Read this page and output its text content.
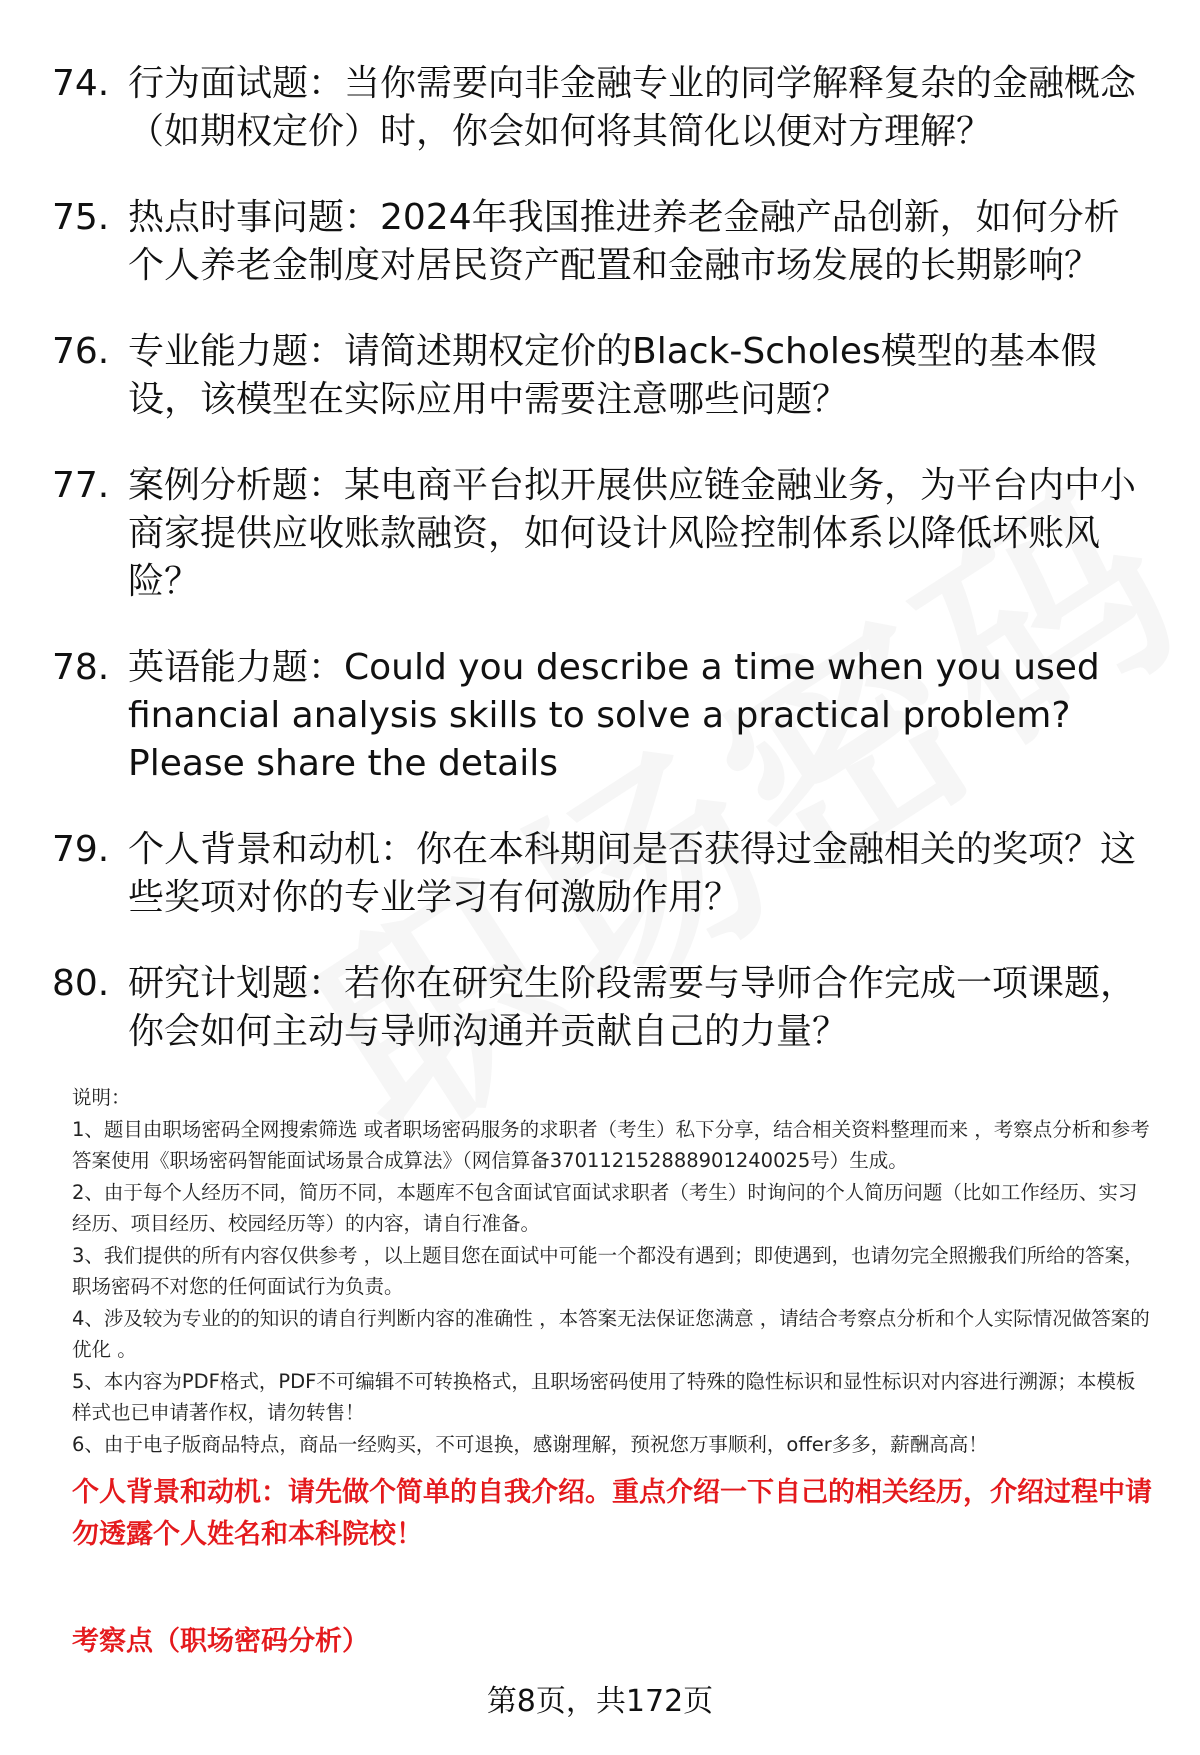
74. 行为面试题：当你需要向非金融专业的同学解释复杂的金融概念（如期权定价）时，你会如何将其简化以便对方理解？
75. 热点时事问题：2024年我国推进养老金融产品创新，如何分析个人养老金制度对居民资产配置和金融市场发展的长期影响？
76. 专业能力题：请简述期权定价的Black-Scholes模型的基本假设，该模型在实际应用中需要注意哪些问题？
77. 案例分析题：某电商平台拟开展供应链金融业务，为平台内中小商家提供应收账款融资，如何设计风险控制体系以降低坏账风险？
78. 英语能力题：Could you describe a time when you used financial analysis skills to solve a practical problem? Please share the details
79. 个人背景和动机：你在本科期间是否获得过金融相关的奖项？这些奖项对你的专业学习有何激励作用？
80. 研究计划题：若你在研究生阶段需要与导师合作完成一项课题，你会如何主动与导师沟通并贡献自己的力量？

说明：

1、题目由职场密码全网搜索筛选 或者职场密码服务的求职者（考生）私下分享，结合相关资料整理而来 ，考察点分析和参考答案使用《职场密码智能面试场景合成算法》（网信算备370112152888901240025号）生成。

2、由于每个人经历不同，简历不同，本题库不包含面试官面试求职者（考生）时询问的个人简历问题（比如工作经历、实习经历、项目经历、校园经历等）的内容，请自行准备。

3、我们提供的所有内容仅供参考 ，以上题目您在面试中可能一个都没有遇到；即使遇到，也请勿完全照搬我们所给的答案，职场密码不对您的任何面试行为负责。

4、涉及较为专业的的知识的请自行判断内容的准确性 ，本答案无法保证您满意 ，请结合考察点分析和个人实际情况做答案的优化 。

5、本内容为PDF格式，PDF不可编辑不可转换格式，且职场密码使用了特殊的隐性标识和显性标识对内容进行溯源；本模板样式也已申请著作权，请勿转售！

6、由于电子版商品特点，商品一经购买，不可退换，感谢理解，预祝您万事顺利，offer多多，薪酬高高！

个人背景和动机：请先做个简单的自我介绍。重点介绍一下自己的相关经历，介绍过程中请勿透露个人姓名和本科院校！
考察点（职场密码分析）
第8页，共172页
